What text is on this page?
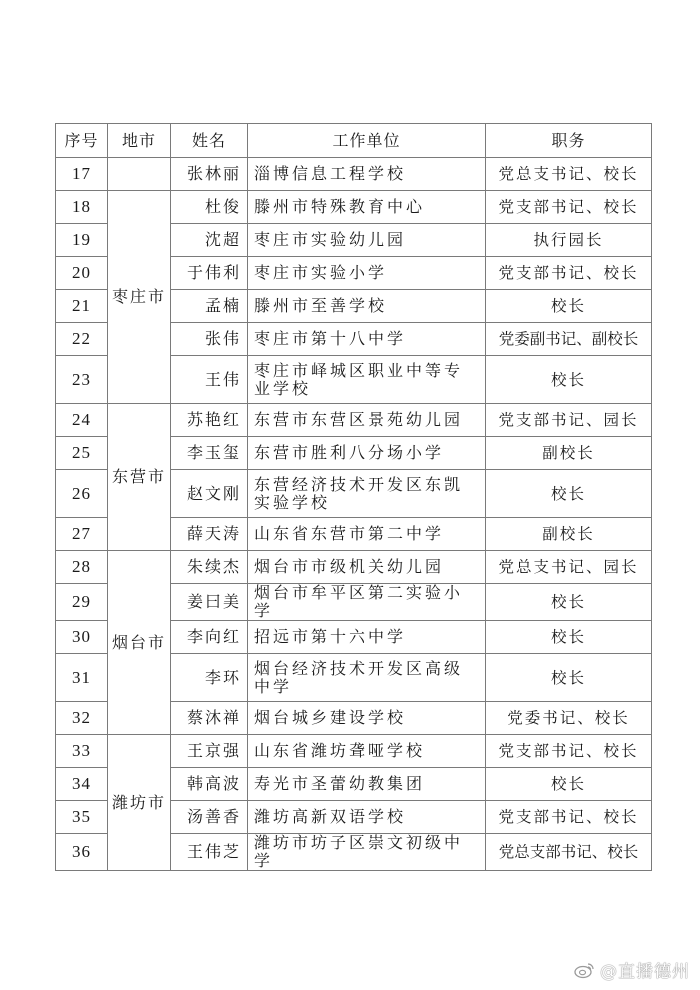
序号	地市	姓名	工作单位	职务
17		张林丽	淄博信息工程学校	党总支书记、校长
18	枣庄市	杜俊	滕州市特殊教育中心	党支部书记、校长
19		沈超	枣庄市实验幼儿园	执行园长
20		于伟利	枣庄市实验小学	党支部书记、校长
21		孟楠	滕州市至善学校	校长
22		张伟	枣庄市第十八中学	党委副书记、副校长
23		王伟	枣庄市峄城区职业中等专业学校	校长
24	东营市	苏艳红	东营市东营区景苑幼儿园	党支部书记、园长
25		李玉玺	东营市胜利八分场小学	副校长
26		赵文刚	东营经济技术开发区东凯实验学校	校长
27		薛天涛	山东省东营市第二中学	副校长
28	烟台市	朱续杰	烟台市市级机关幼儿园	党总支书记、园长
29		姜曰美	烟台市牟平区第二实验小学	校长
30		李向红	招远市第十六中学	校长
31		李环	烟台经济技术开发区高级中学	校长
32		蔡沐禅	烟台城乡建设学校	党委书记、校长
33	潍坊市	王京强	山东省潍坊聋哑学校	党支部书记、校长
34		韩高波	寿光市圣蕾幼教集团	校长
35		汤善香	潍坊高新双语学校	党支部书记、校长
36		王伟芝	潍坊市坊子区崇文初级中学	党总支部书记、校长
@直播德州
